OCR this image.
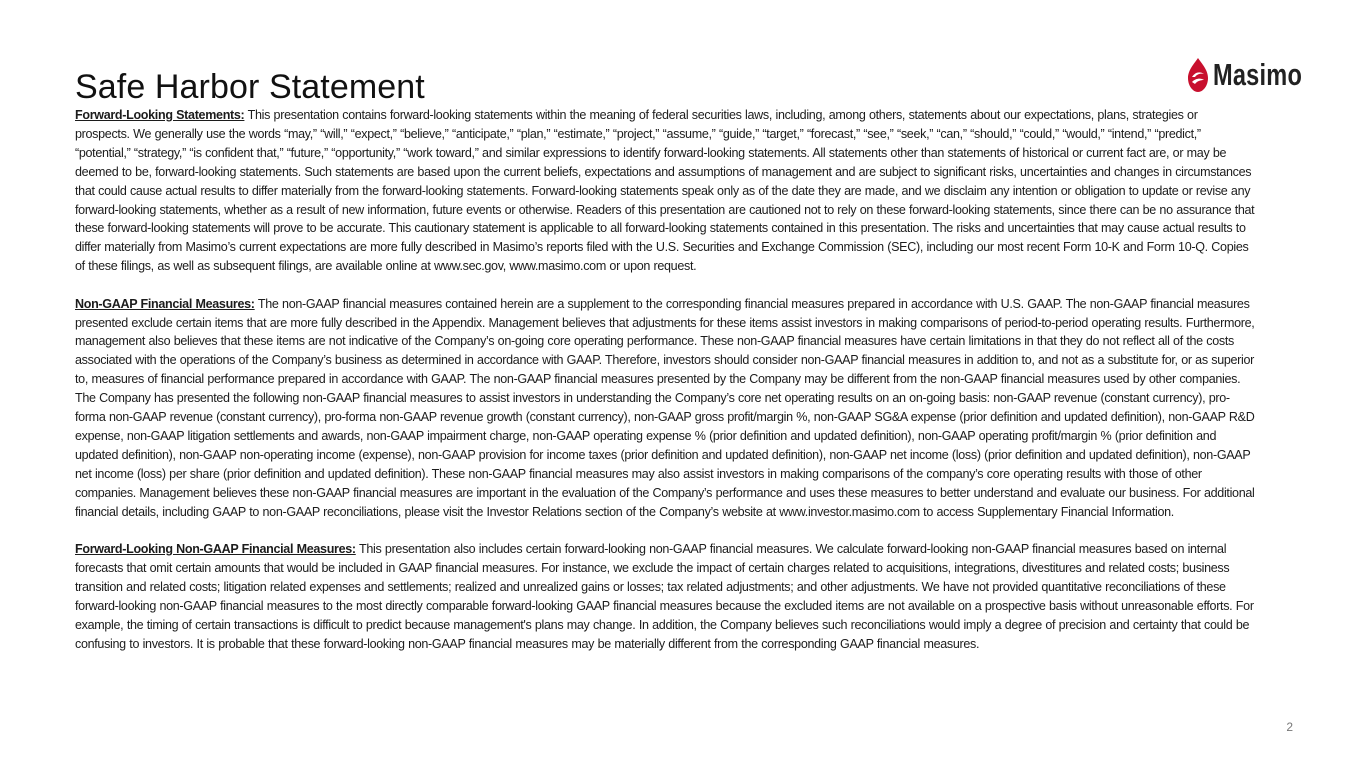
Safe Harbor Statement	Masimo

Forward-Looking Statements: This presentation contains forward-looking statements within the meaning of federal securities laws, including, among others, statements about our expectations, plans, strategies or prospects. We generally use the words “may,” “will,” “expect,” “believe,” “anticipate,” “plan,” “estimate,” “project,” “assume,” “guide,” “target,” “forecast,” “see,” “seek,” “can,” “should,” “could,” “would,” “intend,” “predict,” “potential,” “strategy,” “is confident that,” “future,” “opportunity,” “work toward,” and similar expressions to identify forward-looking statements. All statements other than statements of historical or current fact are, or may be deemed to be, forward-looking statements. Such statements are based upon the current beliefs, expectations and assumptions of management and are subject to significant risks, uncertainties and changes in circumstances that could cause actual results to differ materially from the forward-looking statements. Forward-looking statements speak only as of the date they are made, and we disclaim any intention or obligation to update or revise any forward-looking statements, whether as a result of new information, future events or otherwise. Readers of this presentation are cautioned not to rely on these forward-looking statements, since there can be no assurance that these forward-looking statements will prove to be accurate. This cautionary statement is applicable to all forward-looking statements contained in this presentation. The risks and uncertainties that may cause actual results to differ materially from Masimo’s current expectations are more fully described in Masimo’s reports filed with the U.S. Securities and Exchange Commission (SEC), including our most recent Form 10-K and Form 10-Q. Copies of these filings, as well as subsequent filings, are available online at www.sec.gov, www.masimo.com or upon request.

Non-GAAP Financial Measures: The non-GAAP financial measures contained herein are a supplement to the corresponding financial measures prepared in accordance with U.S. GAAP. The non-GAAP financial measures presented exclude certain items that are more fully described in the Appendix. Management believes that adjustments for these items assist investors in making comparisons of period-to-period operating results. Furthermore, management also believes that these items are not indicative of the Company’s on-going core operating performance. These non-GAAP financial measures have certain limitations in that they do not reflect all of the costs associated with the operations of the Company’s business as determined in accordance with GAAP. Therefore, investors should consider non-GAAP financial measures in addition to, and not as a substitute for, or as superior to, measures of financial performance prepared in accordance with GAAP. The non-GAAP financial measures presented by the Company may be different from the non-GAAP financial measures used by other companies. The Company has presented the following non-GAAP financial measures to assist investors in understanding the Company’s core net operating results on an on-going basis: non-GAAP revenue (constant currency), pro-forma non-GAAP revenue (constant currency), pro-forma non-GAAP revenue growth (constant currency), non-GAAP gross profit/margin %, non-GAAP SG&A expense (prior definition and updated definition), non-GAAP R&D expense, non-GAAP litigation settlements and awards, non-GAAP impairment charge, non-GAAP operating expense % (prior definition and updated definition), non-GAAP operating profit/margin % (prior definition and updated definition), non-GAAP non-operating income (expense), non-GAAP provision for income taxes (prior definition and updated definition), non-GAAP net income (loss) (prior definition and updated definition), non-GAAP net income (loss) per share (prior definition and updated definition). These non-GAAP financial measures may also assist investors in making comparisons of the company’s core operating results with those of other companies. Management believes these non-GAAP financial measures are important in the evaluation of the Company’s performance and uses these measures to better understand and evaluate our business. For additional financial details, including GAAP to non-GAAP reconciliations, please visit the Investor Relations section of the Company’s website at www.investor.masimo.com to access Supplementary Financial Information.

Forward-Looking Non-GAAP Financial Measures: This presentation also includes certain forward-looking non-GAAP financial measures. We calculate forward-looking non-GAAP financial measures based on internal forecasts that omit certain amounts that would be included in GAAP financial measures. For instance, we exclude the impact of certain charges related to acquisitions, integrations, divestitures and related costs; business transition and related costs; litigation related expenses and settlements; realized and unrealized gains or losses; tax related adjustments; and other adjustments. We have not provided quantitative reconciliations of these forward-looking non-GAAP financial measures to the most directly comparable forward-looking GAAP financial measures because the excluded items are not available on a prospective basis without unreasonable efforts. For example, the timing of certain transactions is difficult to predict because management's plans may change. In addition, the Company believes such reconciliations would imply a degree of precision and certainty that could be confusing to investors. It is probable that these forward-looking non-GAAP financial measures may be materially different from the corresponding GAAP financial measures.

2
